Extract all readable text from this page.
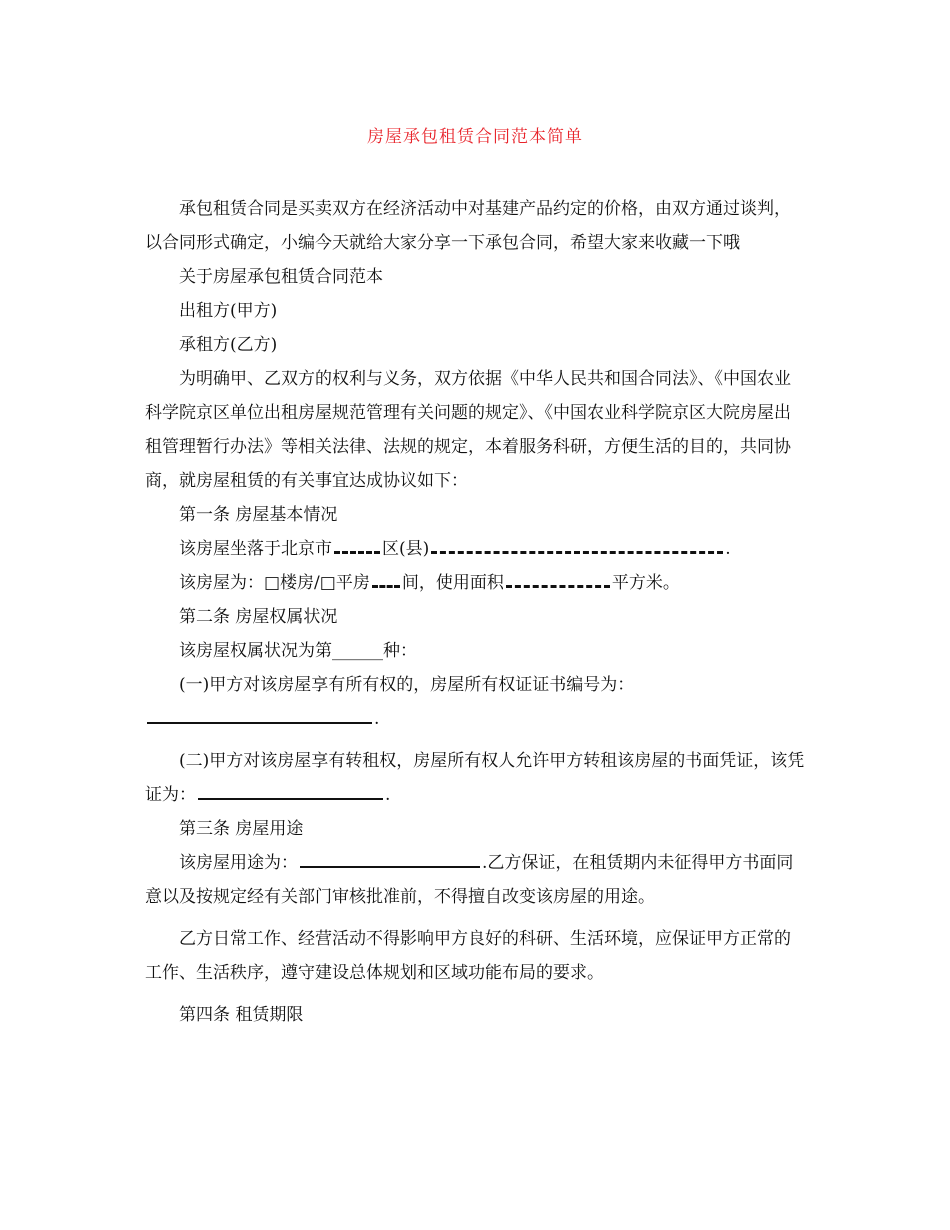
房屋承包租赁合同范本简单

承包租赁合同是买卖双方在经济活动中对基建产品约定的价格，由双方通过谈判，以合同形式确定，小编今天就给大家分享一下承包合同，希望大家来收藏一下哦

关于房屋承包租赁合同范本

出租方(甲方)

承租方(乙方)

为明确甲、乙双方的权利与义务，双方依据《中华人民共和国合同法》、《中国农业科学院京区单位出租房屋规范管理有关问题的规定》、《中国农业科学院京区大院房屋出租管理暂行办法》等相关法律、法规的规定，本着服务科研，方便生活的目的，共同协商，就房屋租赁的有关事宜达成协议如下：

第一条 房屋基本情况

该房屋坐落于北京市	区(县)	.

该房屋为：□楼房/□平房 间，使用面积	平方米。

第二条 房屋权属状况

该房屋权属状况为第______种：

(一)甲方对该房屋享有所有权的，房屋所有权证证书编号为：

.

(二)甲方对该房屋享有转租权，房屋所有权人允许甲方转租该房屋的书面凭证，该凭证为：	.

第三条 房屋用途

该房屋用途为：	.乙方保证，在租赁期内未征得甲方书面同意以及按规定经有关部门审核批准前，不得擅自改变该房屋的用途。

乙方日常工作、经营活动不得影响甲方良好的科研、生活环境，应保证甲方正常的工作、生活秩序，遵守建设总体规划和区域功能布局的要求。

第四条 租赁期限
